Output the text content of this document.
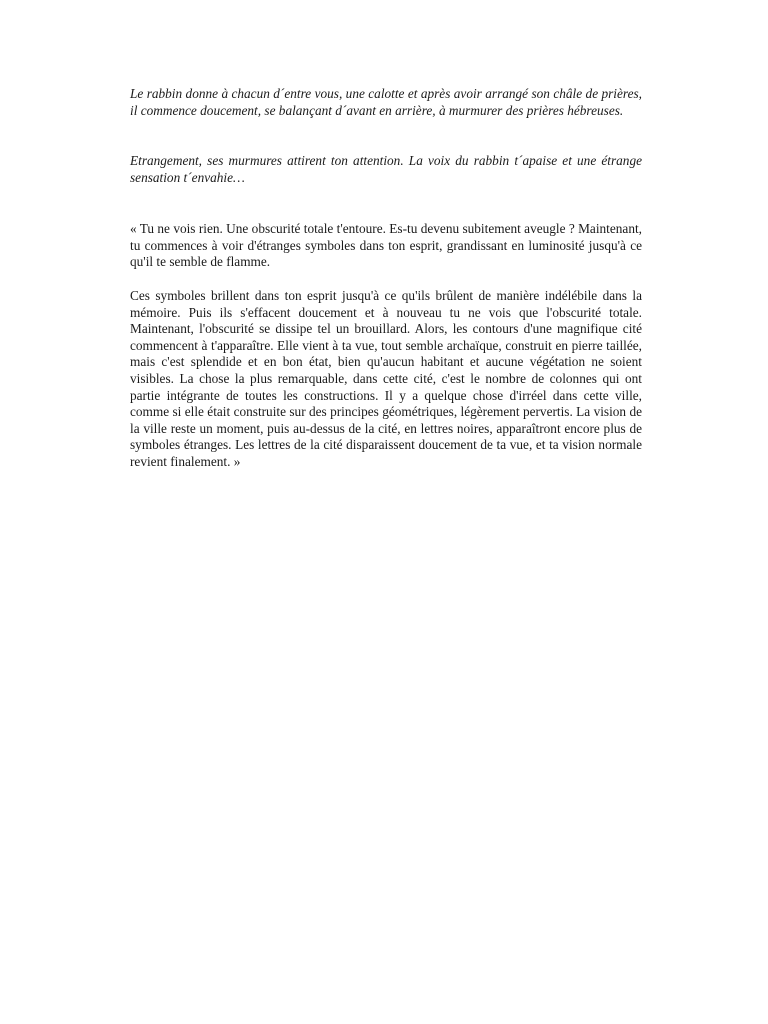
Le rabbin donne à chacun d´entre vous, une calotte et après avoir arrangé son châle de prières, il commence doucement, se balançant d´avant en arrière, à murmurer des prières hébreuses.

Etrangement, ses murmures attirent ton attention. La voix du rabbin t´apaise et une étrange sensation t´envahie…

« Tu ne vois rien. Une obscurité totale t'entoure. Es-tu devenu subitement aveugle ? Maintenant, tu commences à voir d'étranges symboles dans ton esprit, grandissant en luminosité jusqu'à ce qu'il te semble de flamme.

Ces symboles brillent dans ton esprit jusqu'à ce qu'ils brûlent de manière indélébile dans la mémoire. Puis ils s'effacent doucement et à nouveau tu ne vois que l'obscurité totale. Maintenant, l'obscurité se dissipe tel un brouillard. Alors, les contours d'une magnifique cité commencent à t'apparaître. Elle vient à ta vue, tout semble archaïque, construit en pierre taillée, mais c'est splendide et en bon état, bien qu'aucun habitant et aucune végétation ne soient visibles. La chose la plus remarquable, dans cette cité, c'est le nombre de colonnes qui ont partie intégrante de toutes les constructions. Il y a quelque chose d'irréel dans cette ville, comme si elle était construite sur des principes géométriques, légèrement pervertis. La vision de la ville reste un moment, puis au-dessus de la cité, en lettres noires, apparaîtront encore plus de symboles étranges. Les lettres de la cité disparaissent doucement de ta vue, et ta vision normale revient finalement. »
